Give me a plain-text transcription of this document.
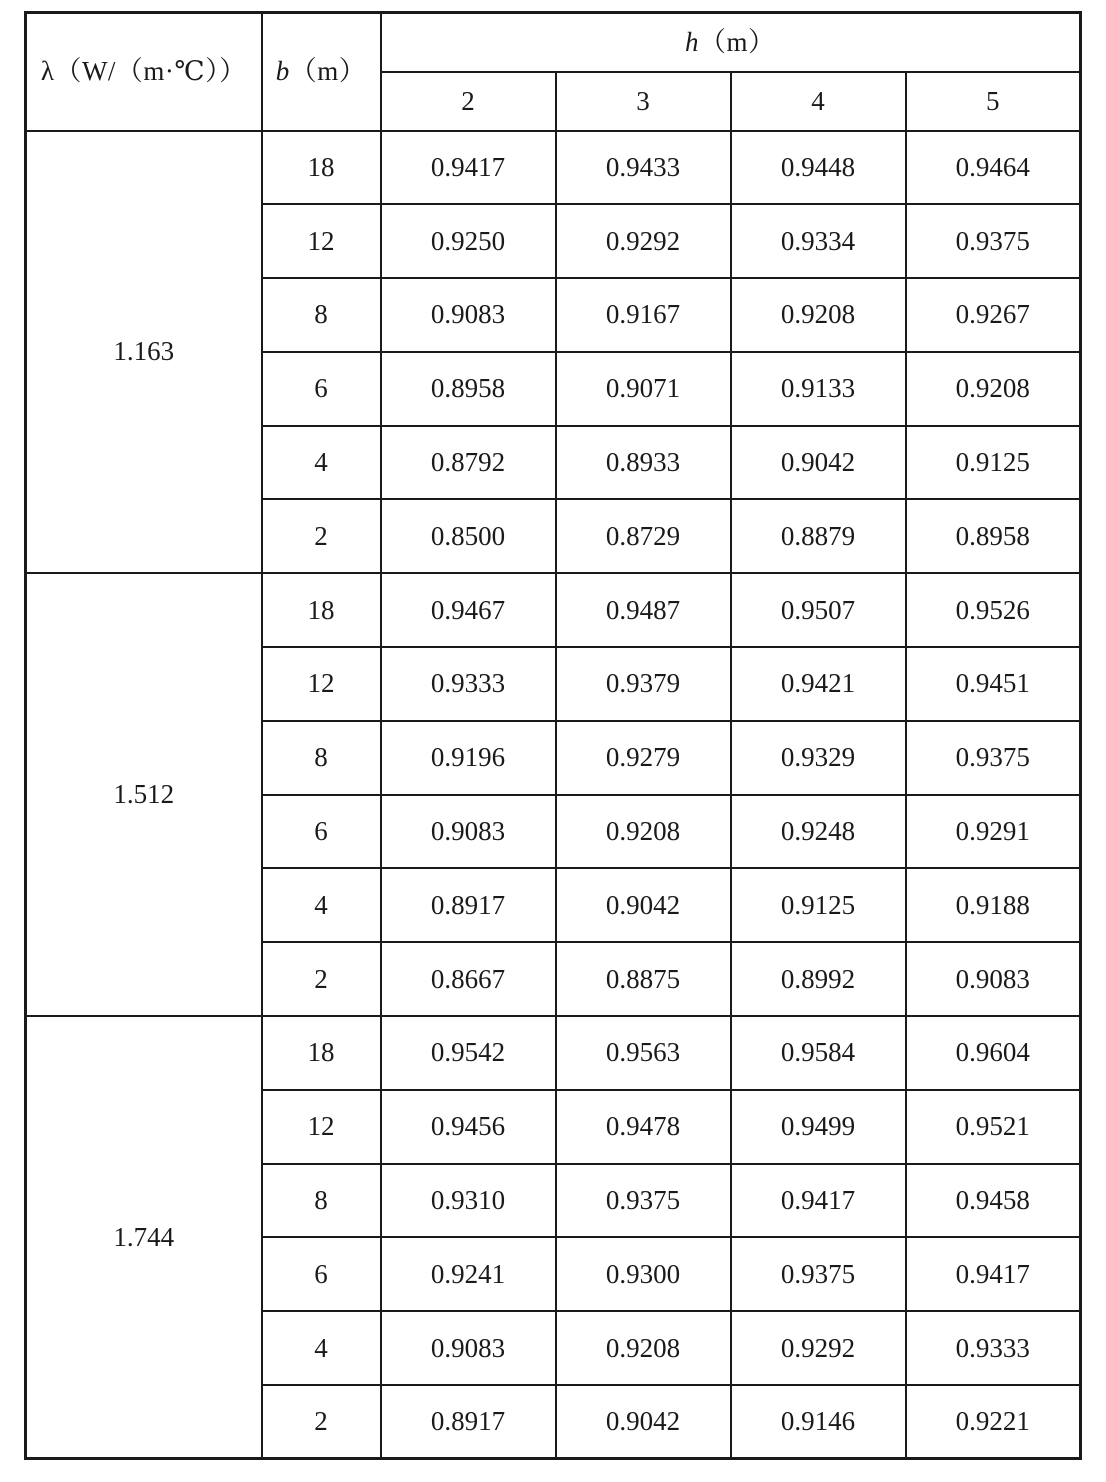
λ（W/（m·℃））	b（m）	h（m）			
		2	3	4	5
1.163	18	0.9417	0.9433	0.9448	0.9464
	12	0.9250	0.9292	0.9334	0.9375
	8	0.9083	0.9167	0.9208	0.9267
	6	0.8958	0.9071	0.9133	0.9208
	4	0.8792	0.8933	0.9042	0.9125
	2	0.8500	0.8729	0.8879	0.8958
1.512	18	0.9467	0.9487	0.9507	0.9526
	12	0.9333	0.9379	0.9421	0.9451
	8	0.9196	0.9279	0.9329	0.9375
	6	0.9083	0.9208	0.9248	0.9291
	4	0.8917	0.9042	0.9125	0.9188
	2	0.8667	0.8875	0.8992	0.9083
1.744	18	0.9542	0.9563	0.9584	0.9604
	12	0.9456	0.9478	0.9499	0.9521
	8	0.9310	0.9375	0.9417	0.9458
	6	0.9241	0.9300	0.9375	0.9417
	4	0.9083	0.9208	0.9292	0.9333
	2	0.8917	0.9042	0.9146	0.9221
